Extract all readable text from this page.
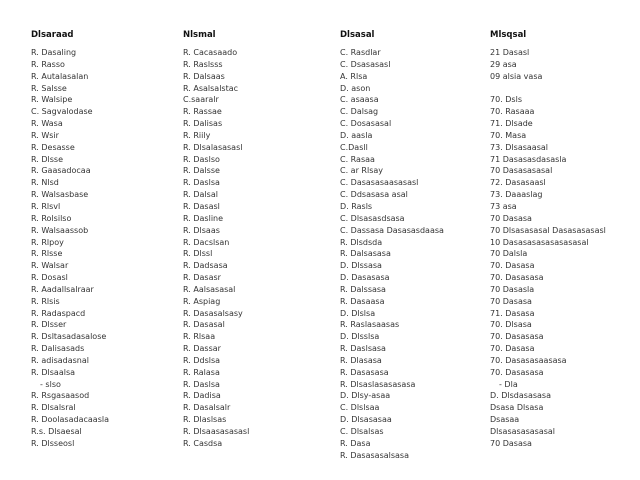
Dlsaraad
R. Dasaling
R. Rasso
R. Autalasalan
R. Salsse
R. Walsipe
C. Sagvalodase
R. Wasa
R. Wsir
R. Desasse
R. Dlsse
R. Gaasadocaa
R. Nlsd
R. Walsasbase
R. Rlsvl
R. Rolsilso
R. Walsaassob
R. Rlpoy
R. Rlsse
R. Walsar
R. Dosasl
R. Aadallsalraar
R. Rlsis
R. Radaspacd
R. Dlsser
R. Dsltasadasalose
R. Dalisasads
R. adisadasnal
R. Dlsaalsa
- slso
R. Rsgasaasod
R. Dlsalsral
R. Doolasadacaasla
R.s. Dlsaesal
R. Dlsseosl
Nlsmal
R. Cacasaado
R. Raslsss
R. Dalsaas
R. Asalsalstac
C.saaralr
R. Rassae
R. Dalisas
R. Riily
R. Dlsalasasasl
R. Daslso
R. Dalsse
R. Daslsa
R. Dalsal
R. Dasasl
R. Dasline
R. Dlsaas
R. Dacslsan
R. Dlssl
R. Dadsasa
R. Dasasr
R. Aalsasasal
R. Aspiag
R. Dasasalsasy
R. Dasasal
R. Rlsaa
R. Dassar
R. Ddslsa
R. Ralasa
R. Daslsa
R. Dadisa
R. Dasalsalr
R. Dlaslsas
R. Dlsaasasasasl
R. Casdsa
Dlsasal
C. Rasdlar
C. Dsasasasl
A. Rlsa
D. ason
C. asaasa
C. Dalsag
C. Dosasasal
D. aasla
C.Dasll
C. Rasaa
C. ar Rlsay
C. Dasasasaasasasl
C. Ddsasasa asal
D. Rasls
C. Dlsasasdsasa
C. Dassasa Dasasasdaasa
R. Dlsdsda
R. Dalsasasa
D. Dlssasa
D. Dasasasa
R. Dalssasa
R. Dasaasa
D. Dlslsa
R. Raslasaasas
D. Dlsslsa
R. Daslsasa
R. Dlasasa
R. Dasasasa
R. Dlsaslasasasasa
D. Dlsy-asaa
C. Dlslsaa
D. Dlsasasaa
C. Dlsalsas
R. Dasa
R. Dasasasalsasa
Mlsqsal
21 Dasasl
29 asa
09 alsia vasa
70. Dsls
70. Rasaaa
71. Dlsade
70. Masa
73. Dlsasaasal
71 Dasasasdasasla
70 Dasasasasal
72. Dasasaasl
73. Daaaslag
73 asa
70 Dasasa
70 Dlsasasasal Dasasasasasl
10 Dasasasasasasasasal
70 Dalsla
70. Dasasa
70. Dasasasa
70 Dasasla
70 Dasasa
71. Dasasa
70. Dlsasa
70. Dasasasa
70. Dasasa
70. Dasasasaasasa
70. Dasasasa
- Dla
D. Dlsdasasasa
Dsasa Dlsasa
Dsasaa
Dlsasasasasasal
70 Dasasa
